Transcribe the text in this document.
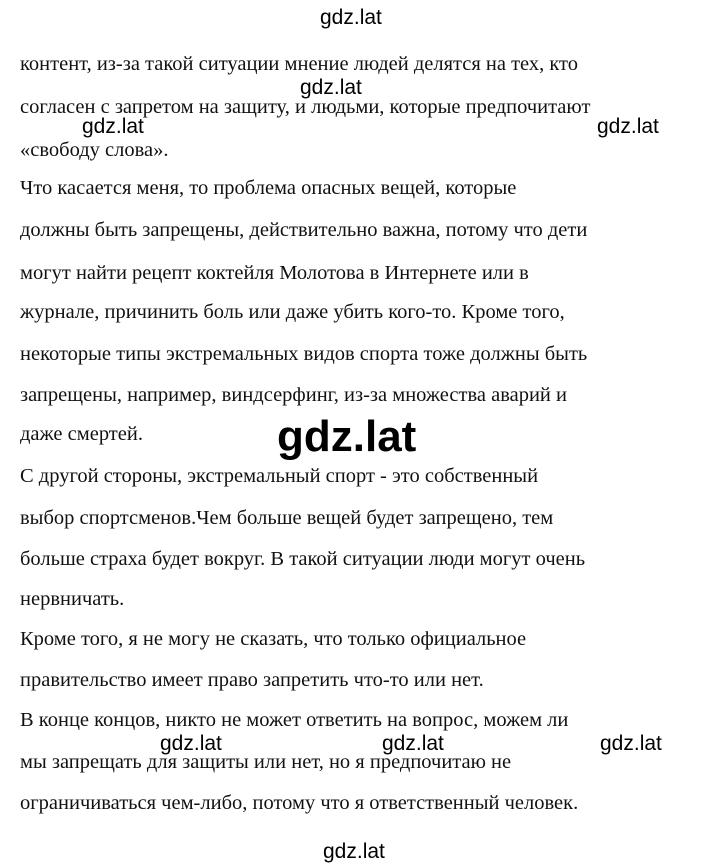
контент, из-за такой ситуации мнение людей делятся на тех, кто
согласен с запретом на защиту, и людьми, которые предпочитают
«свободу слова».
Что касается меня, то проблема опасных вещей, которые
должны быть запрещены, действительно важна, потому что дети
могут найти рецепт коктейля Молотова в Интернете или в
журнале, причинить боль или даже убить кого-то. Кроме того,
некоторые типы экстремальных видов спорта тоже должны быть
запрещены, например, виндсерфинг, из-за множества аварий и
даже смертей.
С другой стороны, экстремальный спорт - это собственный
выбор спортсменов.Чем больше вещей будет запрещено, тем
больше страха будет вокруг. В такой ситуации люди могут очень
нервничать.
Кроме того, я не могу не сказать, что только официальное
правительство имеет право запретить что-то или нет.
В конце концов, никто не может ответить на вопрос, можем ли
мы запрещать для защиты или нет, но я предпочитаю не
ограничиваться чем-либо, потому что я ответственный человек.
gdz.lat
gdz.lat
gdz.lat	gdz.lat
gdz.lat
gdz.lat	gdz.lat	gdz.lat
gdz.lat
